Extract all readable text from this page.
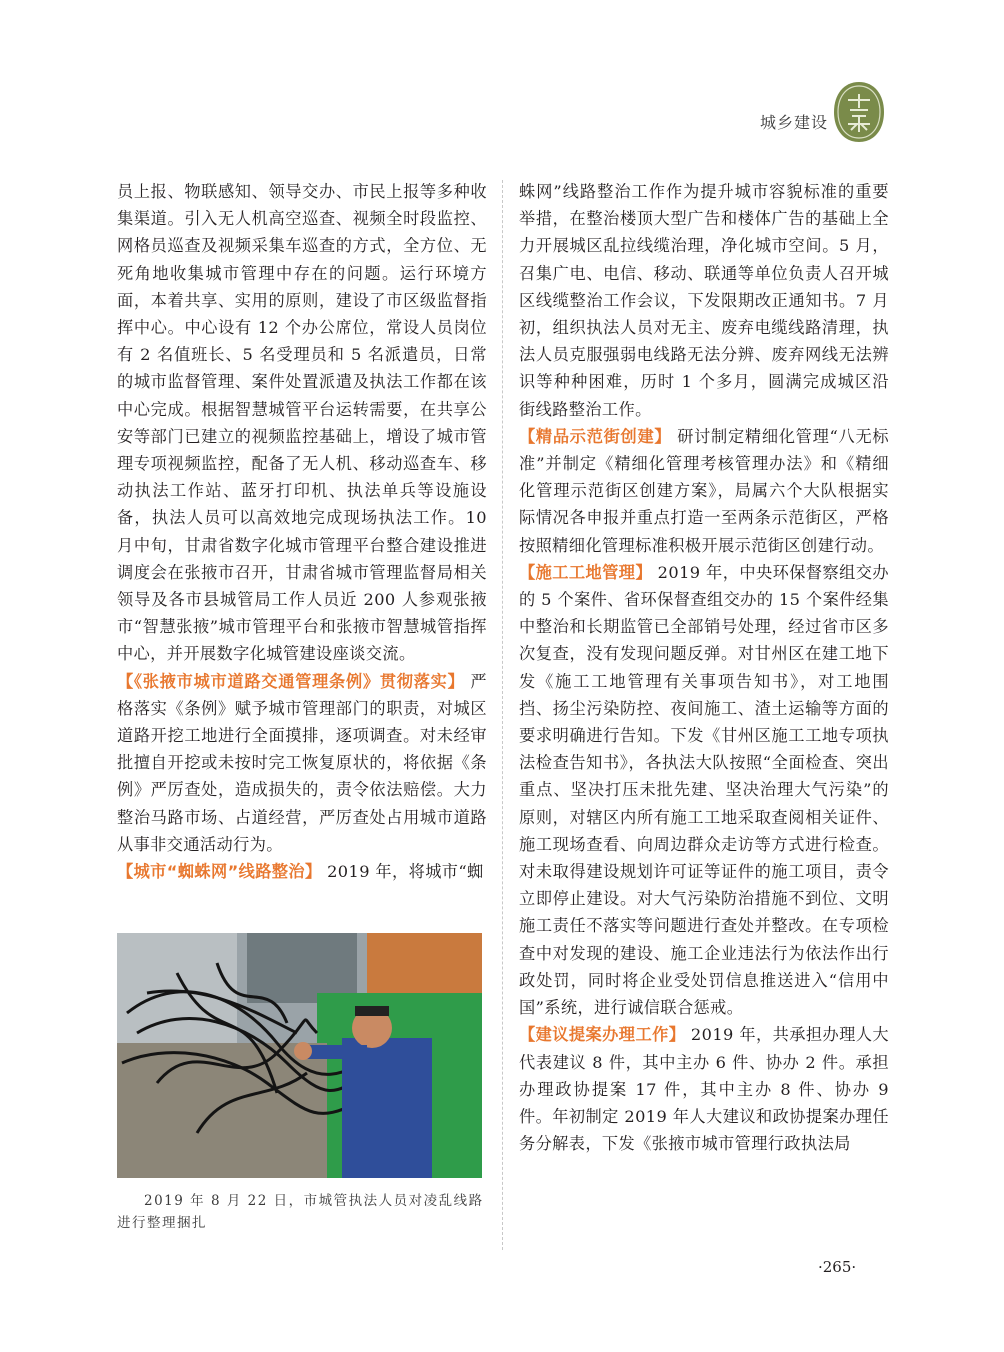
城乡建设

员上报、物联感知、领导交办、市民上报等多种收集渠道。引入无人机高空巡查、视频全时段监控、网格员巡查及视频采集车巡查的方式，全方位、无死角地收集城市管理中存在的问题。运行环境方面，本着共享、实用的原则，建设了市区级监督指挥中心。中心设有 12 个办公席位，常设人员岗位有 2 名值班长、5 名受理员和 5 名派遣员，日常的城市监督管理、案件处置派遣及执法工作都在该中心完成。根据智慧城管平台运转需要，在共享公安等部门已建立的视频监控基础上，增设了城市管理专项视频监控，配备了无人机、移动巡查车、移动执法工作站、蓝牙打印机、执法单兵等设施设备，执法人员可以高效地完成现场执法工作。10 月中旬，甘肃省数字化城市管理平台整合建设推进调度会在张掖市召开，甘肃省城市管理监督局相关领导及各市县城管局工作人员近 200 人参观张掖市“智慧张掖”城市管理平台和张掖市智慧城管指挥中心，并开展数字化城管建设座谈交流。

【《张掖市城市道路交通管理条例》贯彻落实】 严格落实《条例》赋予城市管理部门的职责，对城区道路开挖工地进行全面摸排，逐项调查。对未经审批擅自开挖或未按时完工恢复原状的，将依据《条例》严厉查处，造成损失的，责令依法赔偿。大力整治马路市场、占道经营，严厉查处占用城市道路从事非交通活动行为。

【城市“蜘蛛网”线路整治】 2019 年，将城市“蜘

2019 年 8 月 22 日，市城管执法人员对凌乱线路进行整理捆扎

蛛网”线路整治工作作为提升城市容貌标准的重要举措，在整治楼顶大型广告和楼体广告的基础上全力开展城区乱拉线缆治理，净化城市空间。5 月，召集广电、电信、移动、联通等单位负责人召开城区线缆整治工作会议，下发限期改正通知书。7 月初，组织执法人员对无主、废弃电缆线路清理，执法人员克服强弱电线路无法分辨、废弃网线无法辨识等种种困难，历时 1 个多月，圆满完成城区沿街线路整治工作。

【精品示范街创建】 研讨制定精细化管理“八无标准”并制定《精细化管理考核管理办法》和《精细化管理示范街区创建方案》，局属六个大队根据实际情况各申报并重点打造一至两条示范街区，严格按照精细化管理标准积极开展示范街区创建行动。

【施工工地管理】 2019 年，中央环保督察组交办的 5 个案件、省环保督查组交办的 15 个案件经集中整治和长期监管已全部销号处理，经过省市区多次复查，没有发现问题反弹。对甘州区在建工地下发《施工工地管理有关事项告知书》，对工地围挡、扬尘污染防控、夜间施工、渣土运输等方面的要求明确进行告知。下发《甘州区施工工地专项执法检查告知书》，各执法大队按照“全面检查、突出重点、坚决打压未批先建、坚决治理大气污染”的原则，对辖区内所有施工工地采取查阅相关证件、施工现场查看、向周边群众走访等方式进行检查。对未取得建设规划许可证等证件的施工项目，责令立即停止建设。对大气污染防治措施不到位、文明施工责任不落实等问题进行查处并整改。在专项检查中对发现的建设、施工企业违法行为依法作出行政处罚，同时将企业受处罚信息推送进入“信用中国”系统，进行诚信联合惩戒。

【建议提案办理工作】 2019 年，共承担办理人大代表建议 8 件，其中主办 6 件、协办 2 件。承担办理政协提案 17 件，其中主办 8 件、协办 9 件。年初制定 2019 年人大建议和政协提案办理任务分解表，下发《张掖市城市管理行政执法局

·265·
